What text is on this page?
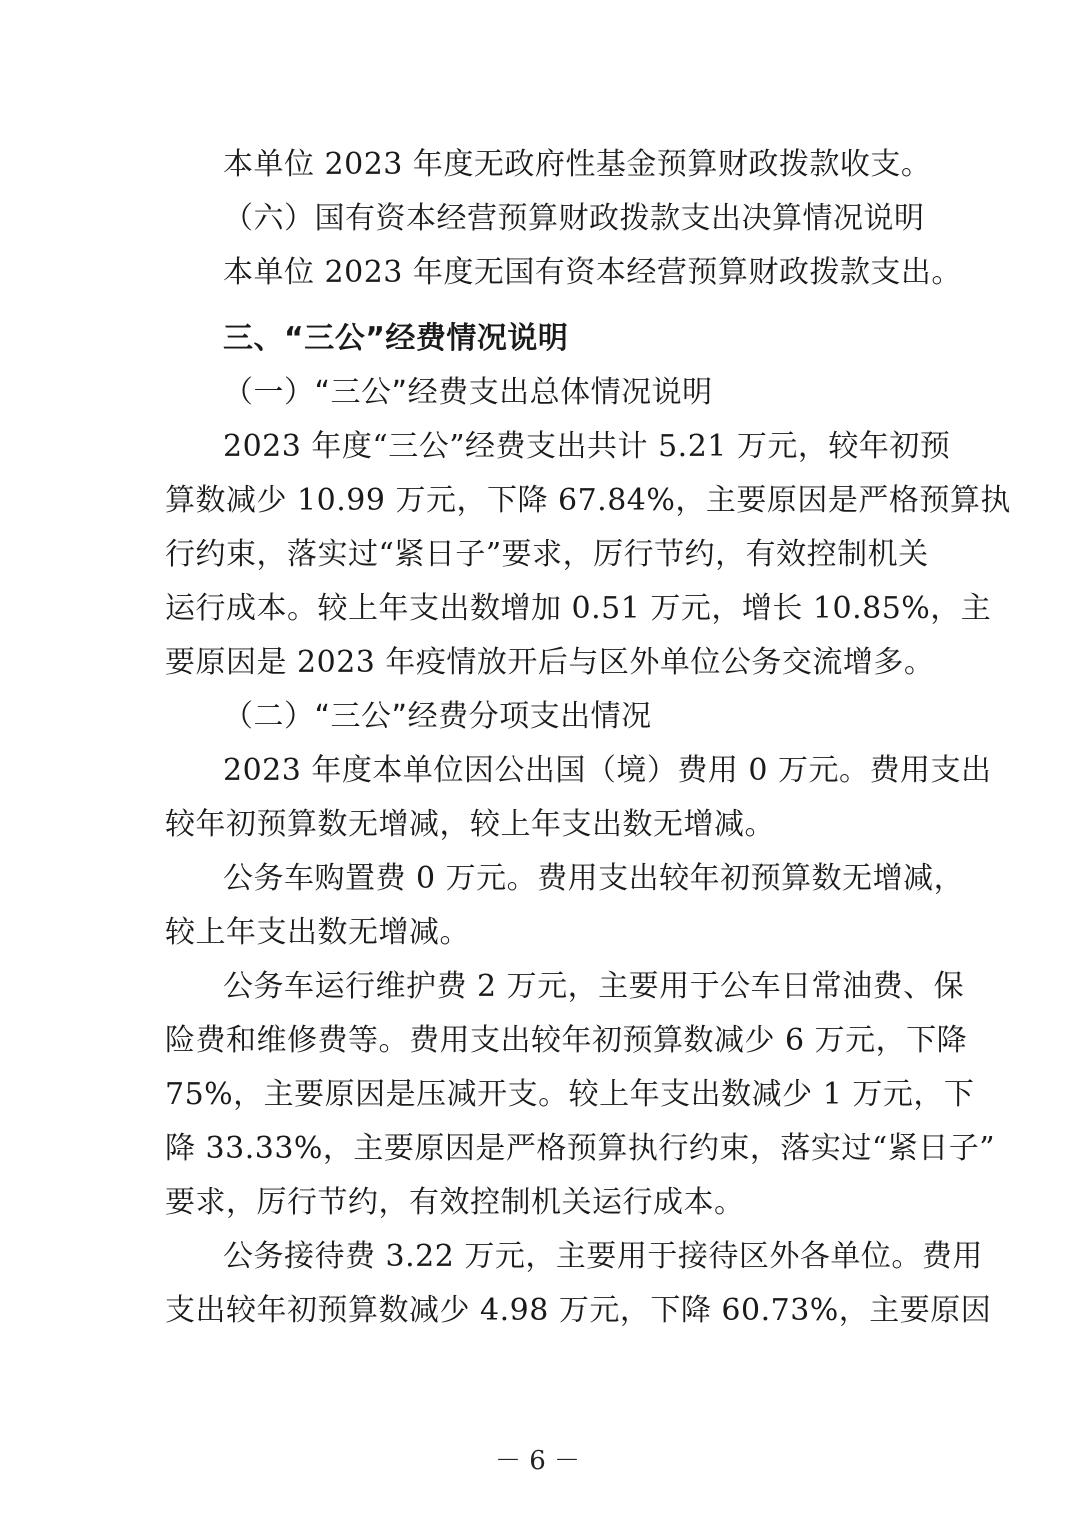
本单位 2023 年度无政府性基金预算财政拨款收支。
（六）国有资本经营预算财政拨款支出决算情况说明
本单位 2023 年度无国有资本经营预算财政拨款支出。
三、“三公”经费情况说明
（一）“三公”经费支出总体情况说明
2023 年度“三公”经费支出共计 5.21 万元，较年初预
算数减少 10.99 万元，下降 67.84%，主要原因是严格预算执
行约束，落实过“紧日子”要求，厉行节约，有效控制机关
运行成本。较上年支出数增加 0.51 万元，增长 10.85%，主
要原因是 2023 年疫情放开后与区外单位公务交流增多。
（二）“三公”经费分项支出情况
2023 年度本单位因公出国（境）费用 0 万元。费用支出
较年初预算数无增减，较上年支出数无增减。
公务车购置费 0 万元。费用支出较年初预算数无增减，
较上年支出数无增减。
公务车运行维护费 2 万元，主要用于公车日常油费、保
险费和维修费等。费用支出较年初预算数减少 6 万元，下降
75%，主要原因是压减开支。较上年支出数减少 1 万元，下
降 33.33%，主要原因是严格预算执行约束，落实过“紧日子”
要求，厉行节约，有效控制机关运行成本。
公务接待费 3.22 万元，主要用于接待区外各单位。费用
支出较年初预算数减少 4.98 万元，下降 60.73%，主要原因
－ 6 －
